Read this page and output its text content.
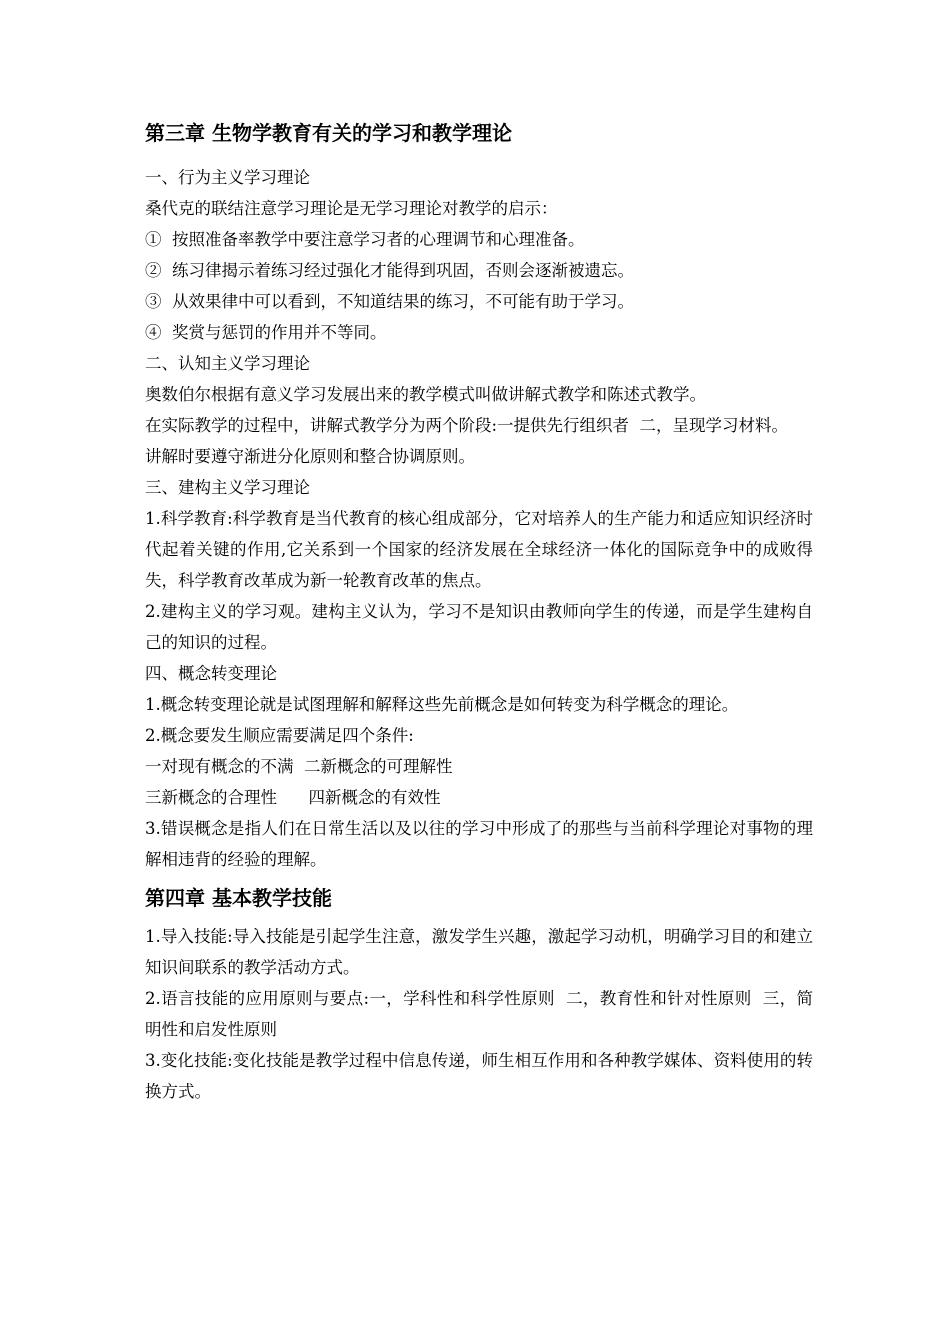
第三章 生物学教育有关的学习和教学理论

一、行为主义学习理论

桑代克的联结注意学习理论是无学习理论对教学的启示：

①  按照准备率教学中要注意学习者的心理调节和心理准备。

②  练习律揭示着练习经过强化才能得到巩固，否则会逐渐被遗忘。

③  从效果律中可以看到，不知道结果的练习，不可能有助于学习。

④  奖赏与惩罚的作用并不等同。

二、认知主义学习理论

奥数伯尔根据有意义学习发展出来的教学模式叫做讲解式教学和陈述式教学。

在实际教学的过程中，讲解式教学分为两个阶段:一提供先行组织者  二，呈现学习材料。

讲解时要遵守渐进分化原则和整合协调原则。

三、建构主义学习理论

1.科学教育:科学教育是当代教育的核心组成部分，它对培养人的生产能力和适应知识经济时代起着关键的作用,它关系到一个国家的经济发展在全球经济一体化的国际竞争中的成败得失，科学教育改革成为新一轮教育改革的焦点。

2.建构主义的学习观。建构主义认为，学习不是知识由教师向学生的传递，而是学生建构自己的知识的过程。

四、概念转变理论

1.概念转变理论就是试图理解和解释这些先前概念是如何转变为科学概念的理论。

2.概念要发生顺应需要满足四个条件:

一对现有概念的不满  二新概念的可理解性

三新概念的合理性      四新概念的有效性

3.错误概念是指人们在日常生活以及以往的学习中形成了的那些与当前科学理论对事物的理解相违背的经验的理解。

第四章 基本教学技能

1.导入技能:导入技能是引起学生注意，激发学生兴趣，激起学习动机，明确学习目的和建立知识间联系的教学活动方式。

2.语言技能的应用原则与要点:一，学科性和科学性原则  二，教育性和针对性原则  三，简明性和启发性原则

3.变化技能:变化技能是教学过程中信息传递，师生相互作用和各种教学媒体、资料使用的转换方式。
